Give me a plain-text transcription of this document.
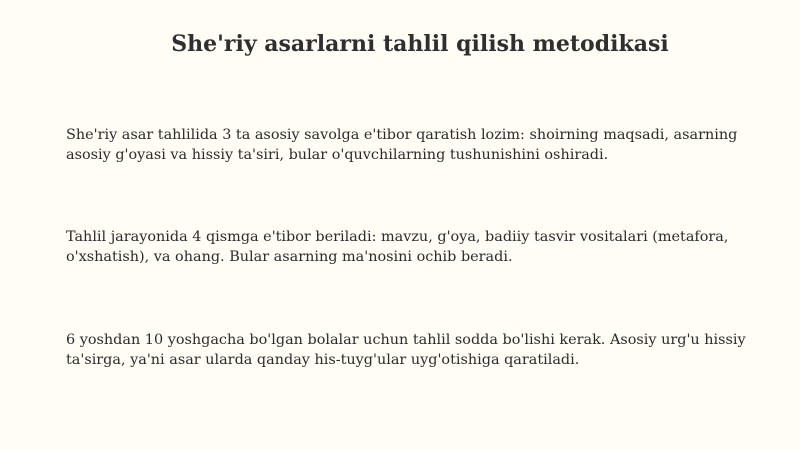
She'riy asarlarni tahlil qilish metodikasi

She'riy asar tahlilida 3 ta asosiy savolga e'tibor qaratish lozim: shoirning maqsadi, asarning asosiy g'oyasi va hissiy ta'siri, bular o'quvchilarning tushunishini oshiradi.

Tahlil jarayonida 4 qismga e'tibor beriladi: mavzu, g'oya, badiiy tasvir vositalari (metafora, o'xshatish), va ohang. Bular asarning ma'nosini ochib beradi.

6 yoshdan 10 yoshgacha bo'lgan bolalar uchun tahlil sodda bo'lishi kerak. Asosiy urg'u hissiy ta'sirga, ya'ni asar ularda qanday his-tuyg'ular uyg'otishiga qaratiladi.
